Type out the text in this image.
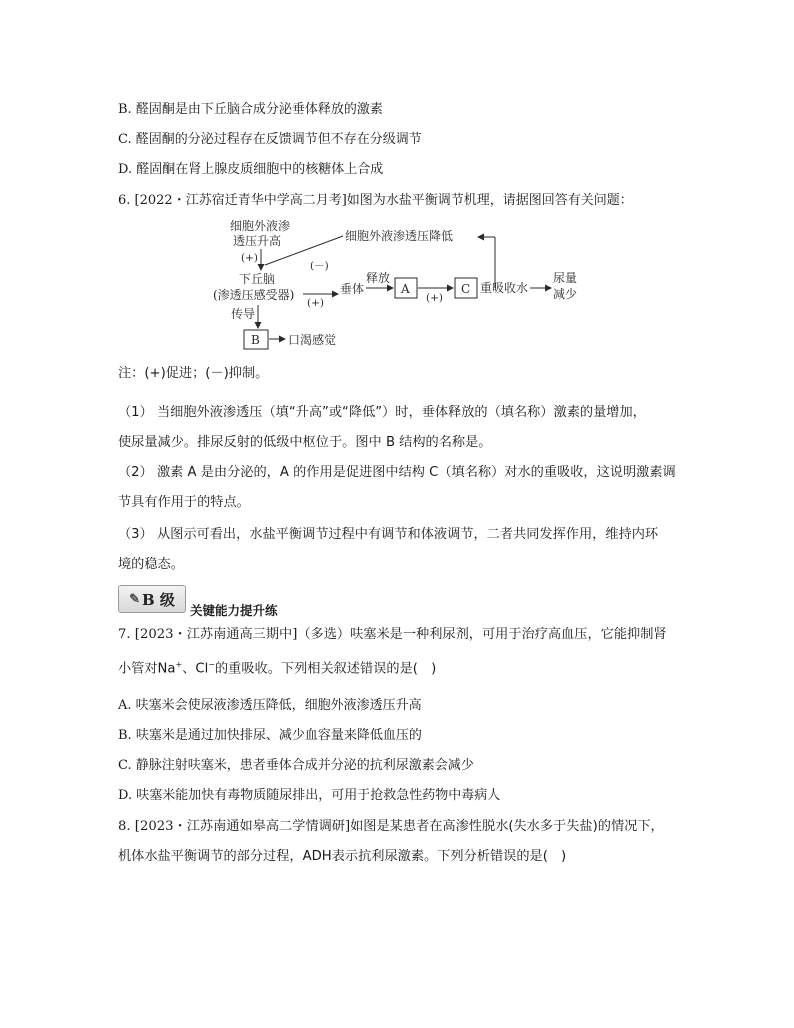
B. 醛固酮是由下丘脑合成分泌垂体释放的激素
C. 醛固酮的分泌过程存在反馈调节但不存在分级调节
D. 醛固酮在肾上腺皮质细胞中的核糖体上合成
6. [2022・江苏宿迁青华中学高二月考]如图为水盐平衡调节机理，请据图回答有关问题：
细胞外液渗
透压升高
(+)
细胞外液渗透压降低
(－)
下丘脑
(渗透压感受器)
(+)
垂体
释放
A
(+)
C 重吸收水
尿量
减少
传导
B 口渴感觉
注：(+)促进；(－)抑制。
（1） 当细胞外液渗透压（填“升高”或“降低”）时，垂体释放的（填名称）激素的量增加，
使尿量减少。排尿反射的低级中枢位于。图中 B 结构的名称是。
（2） 激素 A 是由分泌的，A 的作用是促进图中结构 C（填名称）对水的重吸收，这说明激素调
节具有作用于的特点。
（3） 从图示可看出，水盐平衡调节过程中有调节和体液调节，二者共同发挥作用，维持内环
境的稳态。
✎ B 级
关键能力提升练
7. [2023・江苏南通高三期中]（多选）呋塞米是一种利尿剂，可用于治疗高血压，它能抑制肾
小管对Na+、Cl−的重吸收。下列相关叙述错误的是(　)
A. 呋塞米会使尿液渗透压降低，细胞外液渗透压升高
B. 呋塞米是通过加快排尿、减少血容量来降低血压的
C. 静脉注射呋塞米，患者垂体合成并分泌的抗利尿激素会减少
D. 呋塞米能加快有毒物质随尿排出，可用于抢救急性药物中毒病人
8. [2023・江苏南通如皋高二学情调研]如图是某患者在高渗性脱水(失水多于失盐)的情况下，
机体水盐平衡调节的部分过程，ADH表示抗利尿激素。下列分析错误的是(　)
